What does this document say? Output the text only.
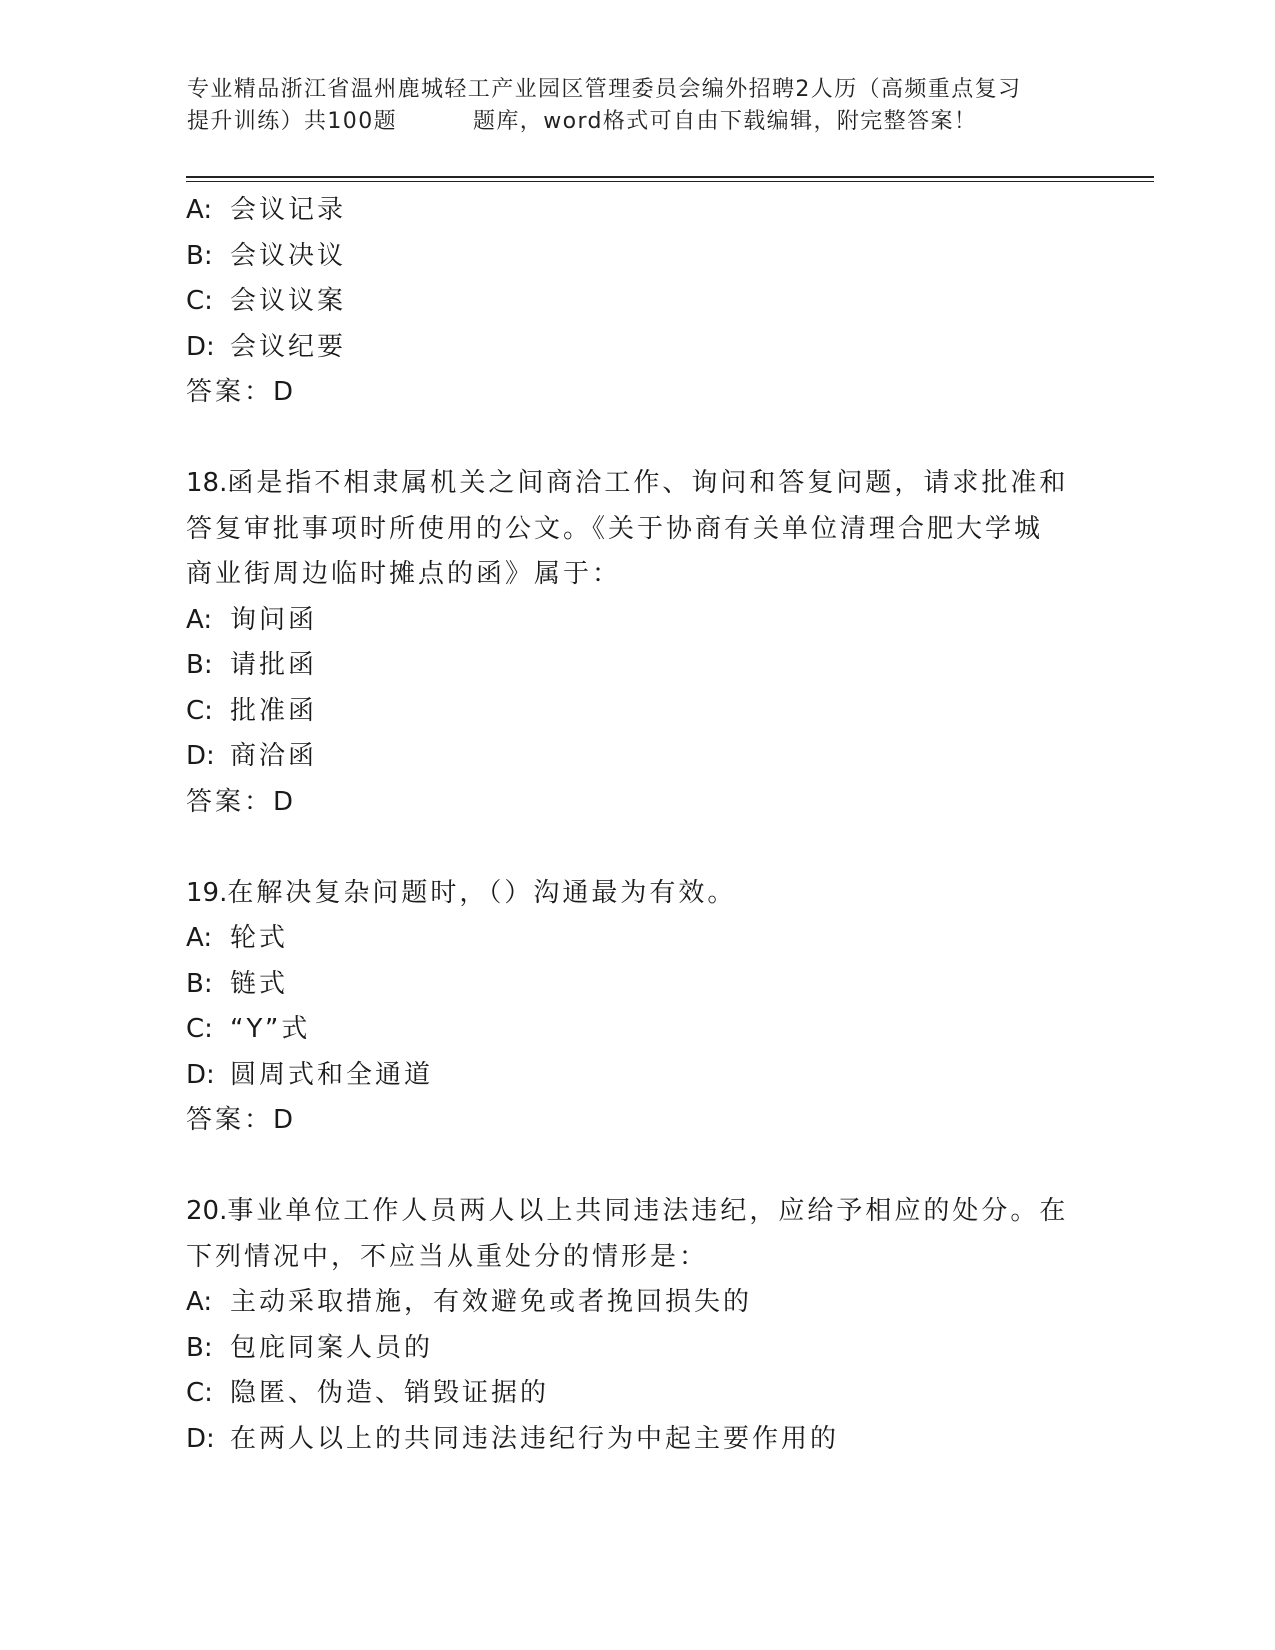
专业精品浙江省温州鹿城轻工产业园区管理委员会编外招聘2人历（高频重点复习
提升训练）共100题	题库，word格式可自由下载编辑，附完整答案！
A: 会议记录
B: 会议决议
C: 会议议案
D: 会议纪要
答案：D
18.函是指不相隶属机关之间商洽工作、询问和答复问题，请求批准和
答复审批事项时所使用的公文。《关于协商有关单位清理合肥大学城
商业街周边临时摊点的函》属于：
A: 询问函
B: 请批函
C: 批准函
D: 商洽函
答案：D
19.在解决复杂问题时，（）沟通最为有效。
A: 轮式
B: 链式
C: “Y”式
D: 圆周式和全通道
答案：D
20.事业单位工作人员两人以上共同违法违纪，应给予相应的处分。在
下列情况中，不应当从重处分的情形是：
A: 主动采取措施，有效避免或者挽回损失的
B: 包庇同案人员的
C: 隐匿、伪造、销毁证据的
D: 在两人以上的共同违法违纪行为中起主要作用的
